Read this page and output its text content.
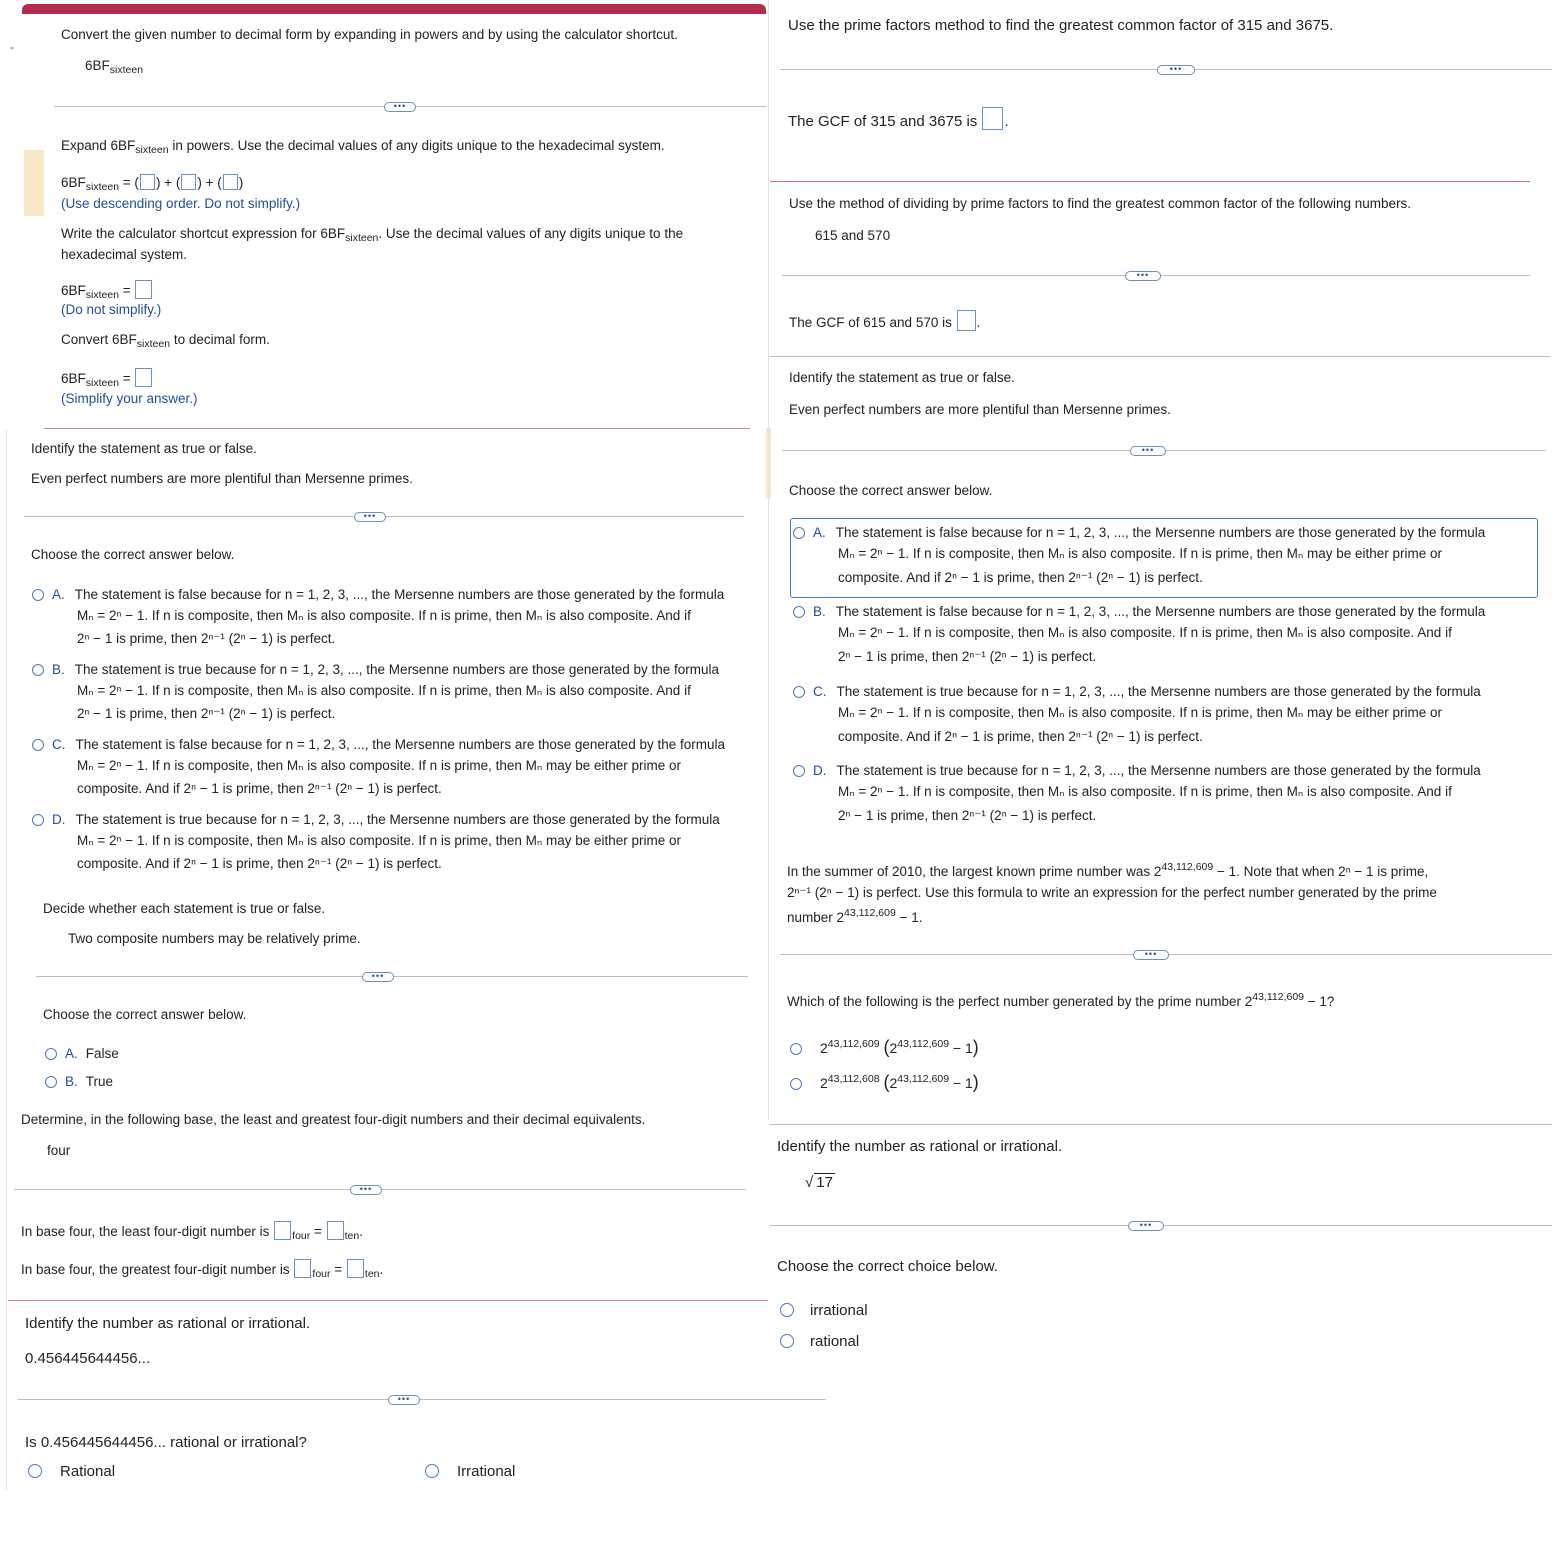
-
Convert the given number to decimal form by expanding in powers and by using the calculator shortcut.
$6BF_{sixteen}$
•••
Expand $6BF_{sixteen}$ in powers. Use the decimal values of any digits unique to the hexadecimal system.
$6BF_{sixteen}$ = ( ) + ( ) + ( )
(Use descending order. Do not simplify.)
Write the calculator shortcut expression for $6BF_{sixteen}$. Use the decimal values of any digits unique to the
hexadecimal system.
$6BF_{sixteen}$ =
(Do not simplify.)
Convert $6BF_{sixteen}$ to decimal form.
$6BF_{sixteen}$ =
(Simplify your answer.)
Identify the statement as true or false.
Even perfect numbers are more plentiful than Mersenne primes.
•••
Choose the correct answer below.
A. The statement is false because for n = 1, 2, 3, ..., the Mersenne numbers are those generated by the formula
Mₙ = 2ⁿ − 1. If n is composite, then Mₙ is also composite. If n is prime, then Mₙ is also composite. And if
2ⁿ − 1 is prime, then 2ⁿ⁻¹ (2ⁿ − 1) is perfect.
B. The statement is true because for n = 1, 2, 3, ..., the Mersenne numbers are those generated by the formula
Mₙ = 2ⁿ − 1. If n is composite, then Mₙ is also composite. If n is prime, then Mₙ is also composite. And if
2ⁿ − 1 is prime, then 2ⁿ⁻¹ (2ⁿ − 1) is perfect.
C. The statement is false because for n = 1, 2, 3, ..., the Mersenne numbers are those generated by the formula
Mₙ = 2ⁿ − 1. If n is composite, then Mₙ is also composite. If n is prime, then Mₙ may be either prime or
composite. And if 2ⁿ − 1 is prime, then 2ⁿ⁻¹ (2ⁿ − 1) is perfect.
D. The statement is true because for n = 1, 2, 3, ..., the Mersenne numbers are those generated by the formula
Mₙ = 2ⁿ − 1. If n is composite, then Mₙ is also composite. If n is prime, then Mₙ may be either prime or
composite. And if 2ⁿ − 1 is prime, then 2ⁿ⁻¹ (2ⁿ − 1) is perfect.
Decide whether each statement is true or false.
Two composite numbers may be relatively prime.
•••
Choose the correct answer below.
A. False
B. True
Determine, in the following base, the least and greatest four-digit numbers and their decimal equivalents.
four
•••
In base four, the least four-digit number is $_{four}$ = $_{ten}$.
In base four, the greatest four-digit number is $_{four}$ = $_{ten}$.
Identify the number as rational or irrational.
0.456445644456...
•••
Is 0.456445644456... rational or irrational?
Rational	Irrational
Use the prime factors method to find the greatest common factor of 315 and 3675.
•••
The GCF of 315 and 3675 is .
Use the method of dividing by prime factors to find the greatest common factor of the following numbers.
615 and 570
•••
The GCF of 615 and 570 is .
Identify the statement as true or false.
Even perfect numbers are more plentiful than Mersenne primes.
•••
Choose the correct answer below.
A. The statement is false because for n = 1, 2, 3, ..., the Mersenne numbers are those generated by the formula
Mₙ = 2ⁿ − 1. If n is composite, then Mₙ is also composite. If n is prime, then Mₙ may be either prime or
composite. And if 2ⁿ − 1 is prime, then 2ⁿ⁻¹ (2ⁿ − 1) is perfect.
B. The statement is false because for n = 1, 2, 3, ..., the Mersenne numbers are those generated by the formula
Mₙ = 2ⁿ − 1. If n is composite, then Mₙ is also composite. If n is prime, then Mₙ is also composite. And if
2ⁿ − 1 is prime, then 2ⁿ⁻¹ (2ⁿ − 1) is perfect.
C. The statement is true because for n = 1, 2, 3, ..., the Mersenne numbers are those generated by the formula
Mₙ = 2ⁿ − 1. If n is composite, then Mₙ is also composite. If n is prime, then Mₙ may be either prime or
composite. And if 2ⁿ − 1 is prime, then 2ⁿ⁻¹ (2ⁿ − 1) is perfect.
D. The statement is true because for n = 1, 2, 3, ..., the Mersenne numbers are those generated by the formula
Mₙ = 2ⁿ − 1. If n is composite, then Mₙ is also composite. If n is prime, then Mₙ is also composite. And if
2ⁿ − 1 is prime, then 2ⁿ⁻¹ (2ⁿ − 1) is perfect.
In the summer of 2010, the largest known prime number was $2^{43,112,609} - 1$. Note that when 2ⁿ − 1 is prime,
2ⁿ⁻¹ (2ⁿ − 1) is perfect. Use this formula to write an expression for the perfect number generated by the prime
number $2^{43,112,609} - 1$.
•••
Which of the following is the perfect number generated by the prime number $2^{43,112,609} - 1$?
2$^{43,112,609}$ $(2^{43,112,609} - 1)$
2$^{43,112,608}$ $(2^{43,112,609} - 1)$
Identify the number as rational or irrational.
√ 17
•••
Choose the correct choice below.
irrational
rational
